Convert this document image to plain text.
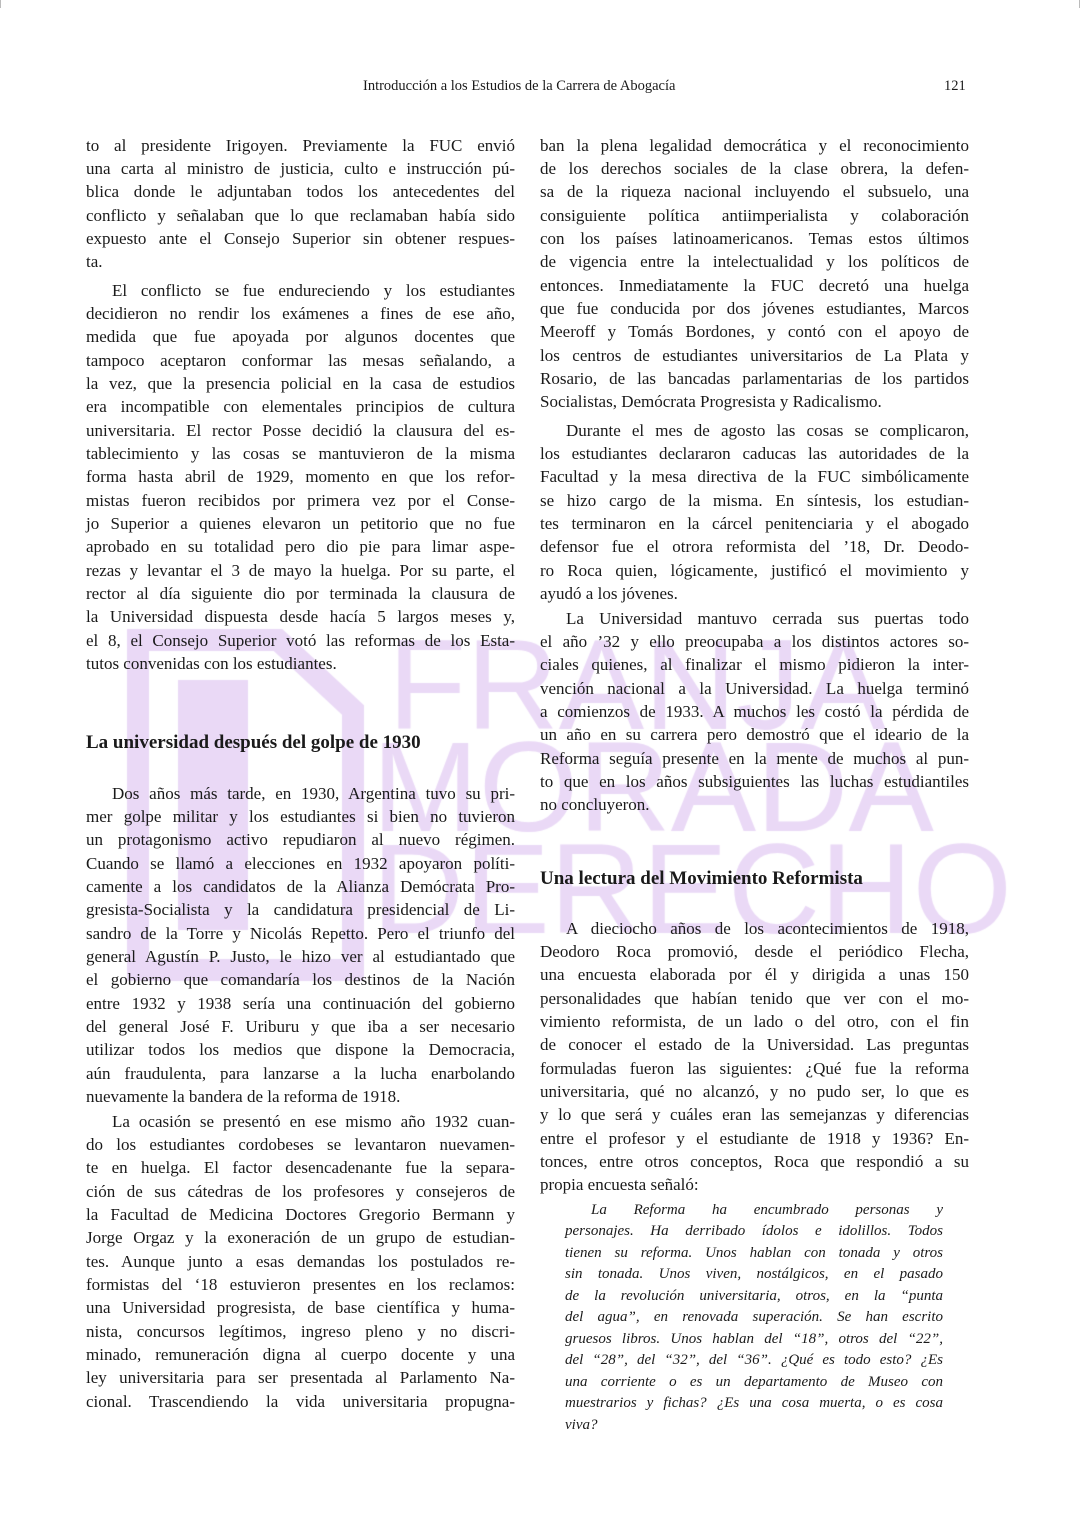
Introducción a los Estudios de la Carrera de Abogacía	121
to al presidente Irigoyen. Previamente la FUC envió
una carta al ministro de justicia, culto e instrucción pú-
blica donde le adjuntaban todos los antecedentes del
conflicto y señalaban que lo que reclamaban había sido
expuesto ante el Consejo Superior sin obtener respues-
ta.
El conflicto se fue endureciendo y los estudiantes
decidieron no rendir los exámenes a fines de ese año,
medida que fue apoyada por algunos docentes que
tampoco aceptaron conformar las mesas señalando, a
la vez, que la presencia policial en la casa de estudios
era incompatible con elementales principios de cultura
universitaria. El rector Posse decidió la clausura del es-
tablecimiento y las cosas se mantuvieron de la misma
forma hasta abril de 1929, momento en que los refor-
mistas fueron recibidos por primera vez por el Conse-
jo Superior a quienes elevaron un petitorio que no fue
aprobado en su totalidad pero dio pie para limar aspe-
rezas y levantar el 3 de mayo la huelga. Por su parte, el
rector al día siguiente dio por terminada la clausura de
la Universidad dispuesta desde hacía 5 largos meses y,
el 8, el Consejo Superior votó las reformas de los Esta-
tutos convenidas con los estudiantes.
La universidad después del golpe de 1930
Dos años más tarde, en 1930, Argentina tuvo su pri-
mer golpe militar y los estudiantes si bien no tuvieron
un protagonismo activo repudiaron al nuevo régimen.
Cuando se llamó a elecciones en 1932 apoyaron políti-
camente a los candidatos de la Alianza Demócrata Pro-
gresista-Socialista y la candidatura presidencial de Li-
sandro de la Torre y Nicolás Repetto. Pero el triunfo del
general Agustín P. Justo, le hizo ver al estudiantado que
el gobierno que comandaría los destinos de la Nación
entre 1932 y 1938 sería una continuación del gobierno
del general José F. Uriburu y que iba a ser necesario
utilizar todos los medios que dispone la Democracia,
aún fraudulenta, para lanzarse a la lucha enarbolando
nuevamente la bandera de la reforma de 1918.
La ocasión se presentó en ese mismo año 1932 cuan-
do los estudiantes cordobeses se levantaron nuevamen-
te en huelga. El factor desencadenante fue la separa-
ción de sus cátedras de los profesores y consejeros de
la Facultad de Medicina Doctores Gregorio Bermann y
Jorge Orgaz y la exoneración de un grupo de estudian-
tes. Aunque junto a esas demandas los postulados re-
formistas del ‘18 estuvieron presentes en los reclamos:
una Universidad progresista, de base científica y huma-
nista, concursos legítimos, ingreso pleno y no discri-
minado, remuneración digna al cuerpo docente y una
ley universitaria para ser presentada al Parlamento Na-
cional. Trascendiendo la vida universitaria propugna-
ban la plena legalidad democrática y el reconocimiento
de los derechos sociales de la clase obrera, la defen-
sa de la riqueza nacional incluyendo el subsuelo, una
consiguiente política antiimperialista y colaboración
con los países latinoamericanos. Temas estos últimos
de vigencia entre la intelectualidad y los políticos de
entonces. Inmediatamente la FUC decretó una huelga
que fue conducida por dos jóvenes estudiantes, Marcos
Meeroff y Tomás Bordones, y contó con el apoyo de
los centros de estudiantes universitarios de La Plata y
Rosario, de las bancadas parlamentarias de los partidos
Socialistas, Demócrata Progresista y Radicalismo.
Durante el mes de agosto las cosas se complicaron,
los estudiantes declararon caducas las autoridades de la
Facultad y la mesa directiva de la FUC simbólicamente
se hizo cargo de la misma. En síntesis, los estudian-
tes terminaron en la cárcel penitenciaria y el abogado
defensor fue el otrora reformista del ’18, Dr. Deodo-
ro Roca quien, lógicamente, justificó el movimiento y
ayudó a los jóvenes.
La Universidad mantuvo cerrada sus puertas todo
el año ’32 y ello preocupaba a los distintos actores so-
ciales quienes, al finalizar el mismo pidieron la inter-
vención nacional a la Universidad. La huelga terminó
a comienzos de 1933. A muchos les costó la pérdida de
un año en su carrera pero demostró que el ideario de la
Reforma seguía presente en la mente de muchos al pun-
to que en los años subsiguientes las luchas estudiantiles
no concluyeron.
Una lectura del Movimiento Reformista
A dieciocho años de los acontecimientos de 1918,
Deodoro Roca promovió, desde el periódico Flecha,
una encuesta elaborada por él y dirigida a unas 150
personalidades que habían tenido que ver con el mo-
vimiento reformista, de un lado o del otro, con el fin
de conocer el estado de la Universidad. Las preguntas
formuladas fueron las siguientes: ¿Qué fue la reforma
universitaria, qué no alcanzó, y no pudo ser, lo que es
y lo que será y cuáles eran las semejanzas y diferencias
entre el profesor y el estudiante de 1918 y 1936? En-
tonces, entre otros conceptos, Roca que respondió a su
propia encuesta señaló:
La Reforma ha encumbrado personas y
personajes. Ha derribado ídolos e idolillos. Todos
tienen su reforma. Unos hablan con tonada y otros
sin tonada. Unos viven, nostálgicos, en el pasado
de la revolución universitaria, otros, en la “punta
del agua”, en renovada superación. Se han escrito
gruesos libros. Unos hablan del “18”, otros del “22”,
del “28”, del “32”, del “36”. ¿Qué es todo esto? ¿Es
una corriente o es un departamento de Museo con
muestrarios y fichas? ¿Es una cosa muerta, o es cosa
viva?
